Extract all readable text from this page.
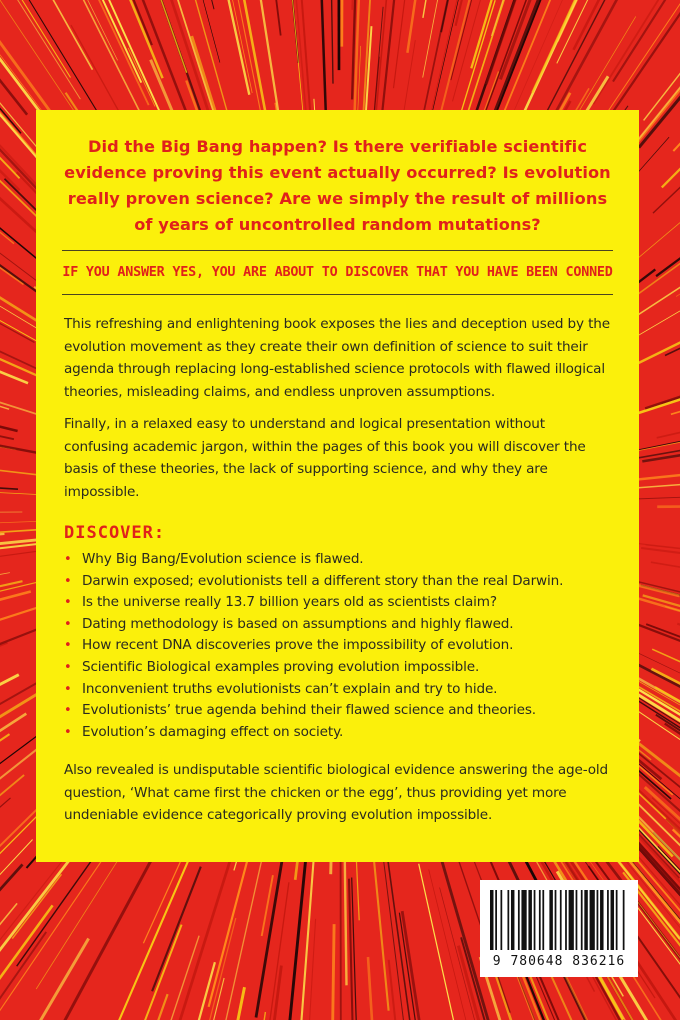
Did the Big Bang happen? Is there verifiable scientific evidence proving this event actually occurred? Is evolution really proven science? Are we simply the result of millions of years of uncontrolled random mutations?

IF YOU ANSWER YES, YOU ARE ABOUT TO DISCOVER THAT YOU HAVE BEEN CONNED

This refreshing and enlightening book exposes the lies and deception used by the evolution movement as they create their own definition of science to suit their agenda through replacing long-established science protocols with flawed illogical theories, misleading claims, and endless unproven assumptions.

Finally, in a relaxed easy to understand and logical presentation without confusing academic jargon, within the pages of this book you will discover the basis of these theories, the lack of supporting science, and why they are impossible.

DISCOVER:
• Why Big Bang/Evolution science is flawed.
• Darwin exposed; evolutionists tell a different story than the real Darwin.
• Is the universe really 13.7 billion years old as scientists claim?
• Dating methodology is based on assumptions and highly flawed.
• How recent DNA discoveries prove the impossibility of evolution.
• Scientific Biological examples proving evolution impossible.
• Inconvenient truths evolutionists can’t explain and try to hide.
• Evolutionists’ true agenda behind their flawed science and theories.
• Evolution’s damaging effect on society.

Also revealed is undisputable scientific biological evidence answering the age-old question, ‘What came first the chicken or the egg’, thus providing yet more undeniable evidence categorically proving evolution impossible.

9 780648 836216
